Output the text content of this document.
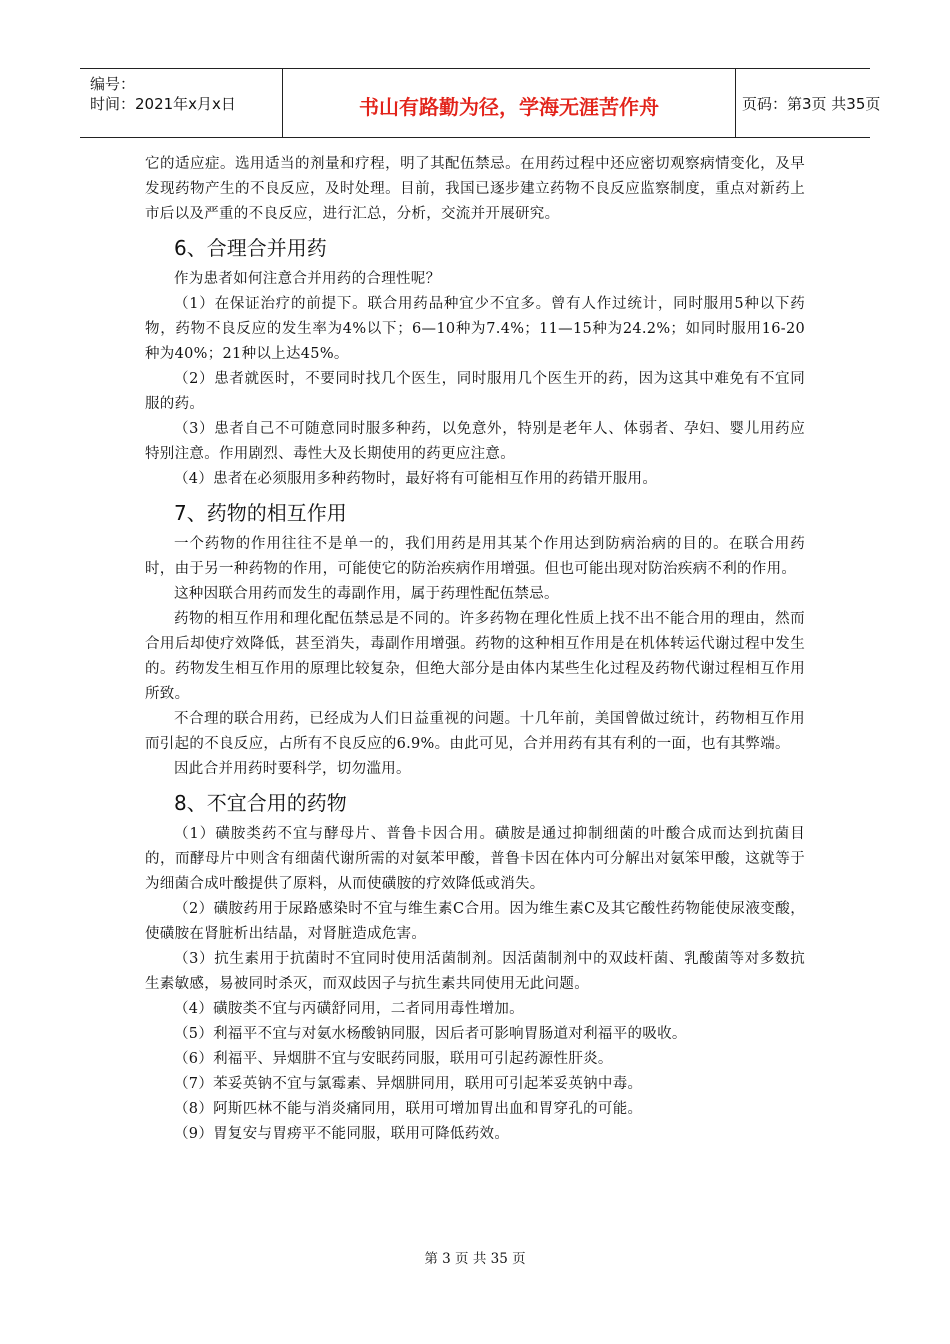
编号：
时间：2021年x月x日	书山有路勤为径，学海无涯苦作舟	页码：第3页 共35页

它的适应症。选用适当的剂量和疗程，明了其配伍禁忌。在用药过程中还应密切观察病情变化，及早发现药物产生的不良反应，及时处理。目前，我国已逐步建立药物不良反应监察制度，重点对新药上市后以及严重的不良反应，进行汇总，分析，交流并开展研究。

6、合理合并用药

作为患者如何注意合并用药的合理性呢？

（1）在保证治疗的前提下。联合用药品种宜少不宜多。曾有人作过统计，同时服用5种以下药物，药物不良反应的发生率为4%以下；6—10种为7.4%；11—15种为24.2%；如同时服用16-20种为40%；21种以上达45%。

（2）患者就医时，不要同时找几个医生，同时服用几个医生开的药，因为这其中难免有不宜同服的药。

（3）患者自己不可随意同时服多种药，以免意外，特别是老年人、体弱者、孕妇、婴儿用药应特别注意。作用剧烈、毒性大及长期使用的药更应注意。

（4）患者在必须服用多种药物时，最好将有可能相互作用的药错开服用。

7、药物的相互作用

一个药物的作用往往不是单一的，我们用药是用其某个作用达到防病治病的目的。在联合用药时，由于另一种药物的作用，可能使它的防治疾病作用增强。但也可能出现对防治疾病不利的作用。

这种因联合用药而发生的毒副作用，属于药理性配伍禁忌。

药物的相互作用和理化配伍禁忌是不同的。许多药物在理化性质上找不出不能合用的理由，然而合用后却使疗效降低，甚至消失，毒副作用增强。药物的这种相互作用是在机体转运代谢过程中发生的。药物发生相互作用的原理比较复杂，但绝大部分是由体内某些生化过程及药物代谢过程相互作用所致。

不合理的联合用药，已经成为人们日益重视的问题。十几年前，美国曾做过统计，药物相互作用而引起的不良反应，占所有不良反应的6.9%。由此可见，合并用药有其有利的一面，也有其弊端。

因此合并用药时要科学，切勿滥用。

8、不宜合用的药物

（1）磺胺类药不宜与酵母片、普鲁卡因合用。磺胺是通过抑制细菌的叶酸合成而达到抗菌目的，而酵母片中则含有细菌代谢所需的对氨苯甲酸，普鲁卡因在体内可分解出对氨笨甲酸，这就等于为细菌合成叶酸提供了原料，从而使磺胺的疗效降低或消失。

（2）磺胺药用于尿路感染时不宜与维生素C合用。因为维生素C及其它酸性药物能使尿液变酸，使磺胺在肾脏析出结晶，对肾脏造成危害。

（3）抗生素用于抗菌时不宜同时使用活菌制剂。因活菌制剂中的双歧杆菌、乳酸菌等对多数抗生素敏感，易被同时杀灭，而双歧因子与抗生素共同使用无此问题。

（4）磺胺类不宜与丙磺舒同用，二者同用毒性增加。

（5）利福平不宜与对氨水杨酸钠同服，因后者可影响胃肠道对利福平的吸收。

（6）利福平、异烟肼不宜与安眠药同服，联用可引起药源性肝炎。

（7）苯妥英钠不宜与氯霉素、异烟肼同用，联用可引起苯妥英钠中毒。

（8）阿斯匹林不能与消炎痛同用，联用可增加胃出血和胃穿孔的可能。

（9）胃复安与胃痨平不能同服，联用可降低药效。

第 3 页 共 35 页
